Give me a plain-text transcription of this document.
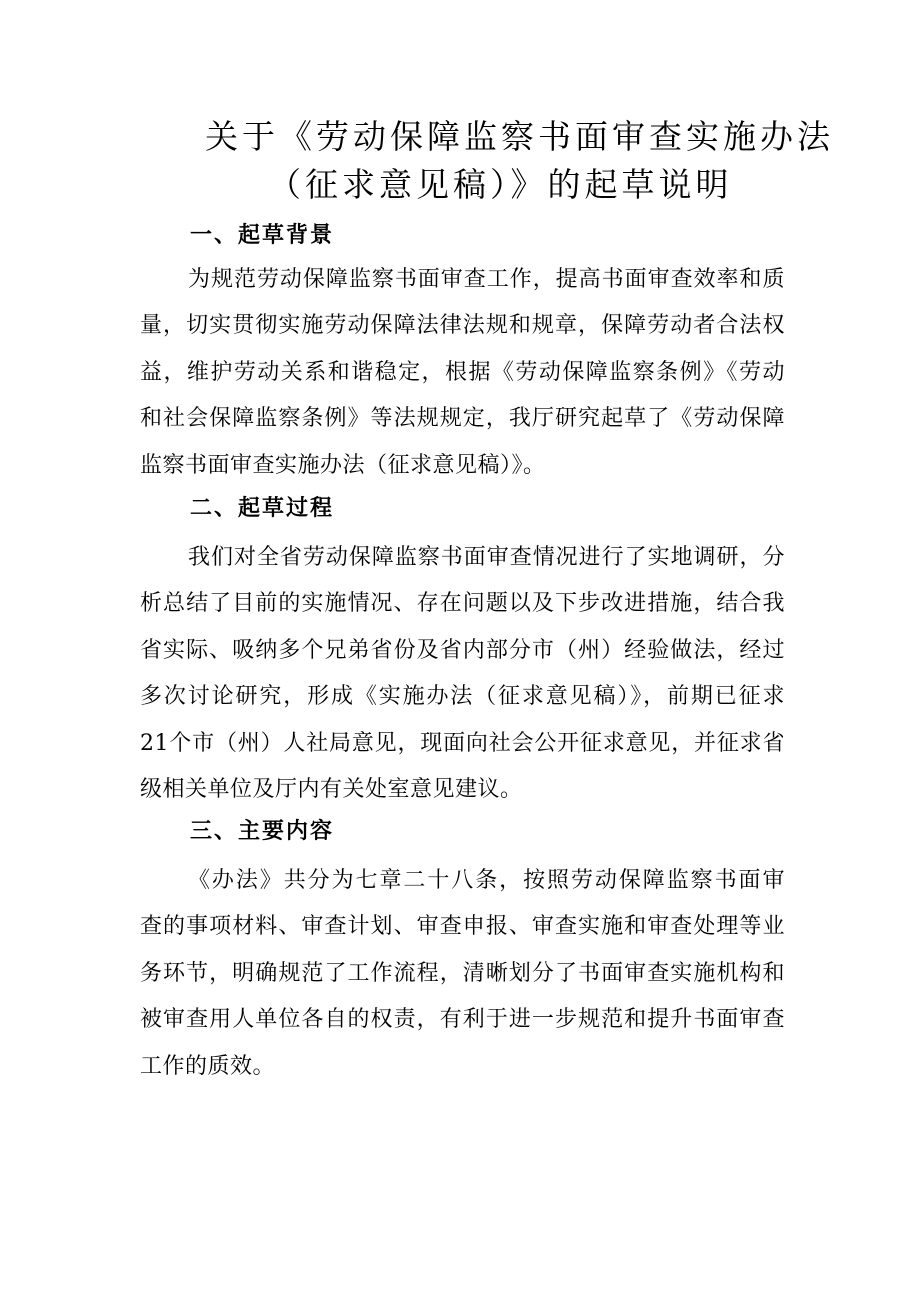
关于《劳动保障监察书面审查实施办法
（征求意见稿）》的起草说明
一、起草背景
为规范劳动保障监察书面审查工作，提高书面审查效率和质
量，切实贯彻实施劳动保障法律法规和规章，保障劳动者合法权
益，维护劳动关系和谐稳定，根据《劳动保障监察条例》《劳动
和社会保障监察条例》等法规规定，我厅研究起草了《劳动保障
监察书面审查实施办法（征求意见稿）》。
二、起草过程
我们对全省劳动保障监察书面审查情况进行了实地调研，分
析总结了目前的实施情况、存在问题以及下步改进措施，结合我
省实际、吸纳多个兄弟省份及省内部分市（州）经验做法，经过
多次讨论研究，形成《实施办法（征求意见稿）》，前期已征求
21个市（州）人社局意见，现面向社会公开征求意见，并征求省
级相关单位及厅内有关处室意见建议。
三、主要内容
《办法》共分为七章二十八条，按照劳动保障监察书面审
查的事项材料、审查计划、审查申报、审查实施和审查处理等业
务环节，明确规范了工作流程，清晰划分了书面审查实施机构和
被审查用人单位各自的权责，有利于进一步规范和提升书面审查
工作的质效。
